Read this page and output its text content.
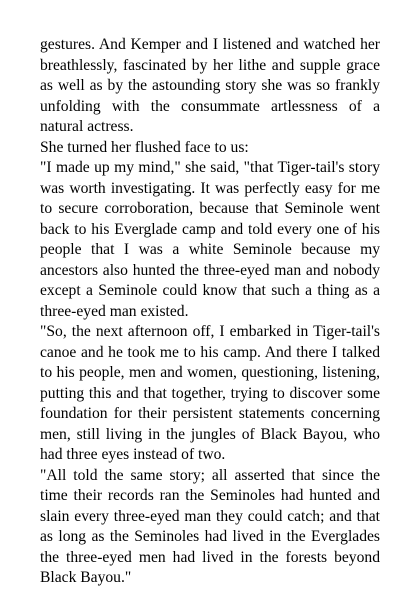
gestures. And Kemper and I listened and watched her breathlessly, fascinated by her lithe and supple grace as well as by the astounding story she was so frankly unfolding with the consummate artlessness of a natural actress.

She turned her flushed face to us:

"I made up my mind," she said, "that Tiger-tail's story was worth investigating. It was perfectly easy for me to secure corroboration, because that Seminole went back to his Everglade camp and told every one of his people that I was a white Seminole because my ancestors also hunted the three-eyed man and nobody except a Seminole could know that such a thing as a three-eyed man existed.

"So, the next afternoon off, I embarked in Tiger-tail's canoe and he took me to his camp. And there I talked to his people, men and women, questioning, listening, putting this and that together, trying to discover some foundation for their persistent statements concerning men, still living in the jungles of Black Bayou, who had three eyes instead of two.

"All told the same story; all asserted that since the time their records ran the Seminoles had hunted and slain every three-eyed man they could catch; and that as long as the Seminoles had lived in the Everglades the three-eyed men had lived in the forests beyond Black Bayou."
